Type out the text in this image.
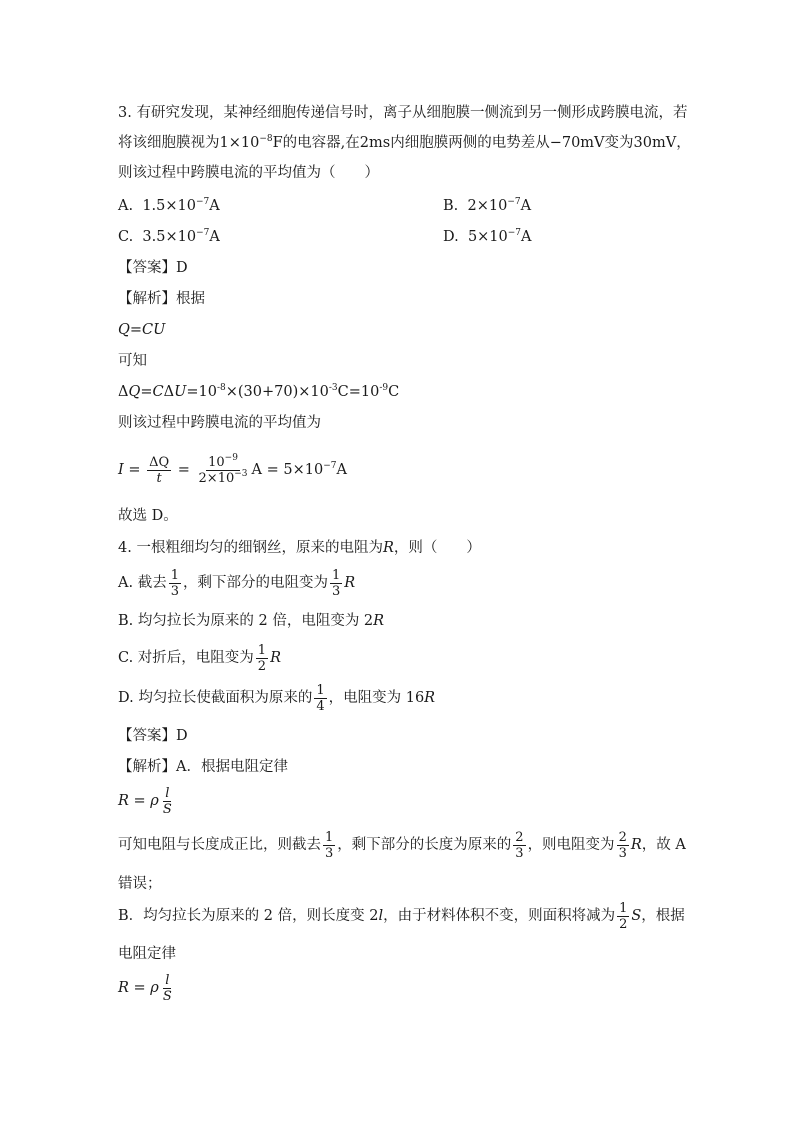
3. 有研究发现，某神经细胞传递信号时，离子从细胞膜一侧流到另一侧形成跨膜电流，若
将该细胞膜视为$1\times 10^{-8}F$的电容器,在2ms内细胞膜两侧的电势差从−70mV变为30mV，
则该过程中跨膜电流的平均值为（　　）
A. $1.5\times 10^{-7}A$	B. $2\times 10^{-7}A$
C. $3.5\times 10^{-7}A$	D. $5\times 10^{-7}A$
【答案】D
【解析】根据
Q=CU
可知
$\Delta Q=C\Delta U=10^{-8}\times(30+70)\times 10^{-3}C=10^{-9}C$
则该过程中跨膜电流的平均值为
$I = \frac{\Delta Q}{t} = \frac{10^{-9}}{2\times 10^{-3}}$ $A = 5\times 10^{-7}A$
故选 D。
4. 一根粗细均匀的细钢丝，原来的电阻为R，则（　　）
A. 截去 $\frac{1}{3}$ ，剩下部分的电阻变为 $\frac{1}{3}$ R
B. 均匀拉长为原来的 2 倍，电阻变为 2R
C. 对折后，电阻变为 $\frac{1}{2}$ R
D. 均匀拉长使截面积为原来的 $\frac{1}{4}$ ，电阻变为 16R
【答案】D
【解析】A．根据电阻定律
R = ρ $\frac{l}{S}$
可知电阻与长度成正比，则截去 $\frac{1}{3}$ ，剩下部分的长度为原来的 $\frac{2}{3}$ ，则电阻变为 $\frac{2}{3}$ R，故 A
错误；
B．均匀拉长为原来的 2 倍，则长度变 2l，由于材料体积不变，则面积将减为 $\frac{1}{2}$ S，根据
电阻定律
R = ρ $\frac{l}{S}$
